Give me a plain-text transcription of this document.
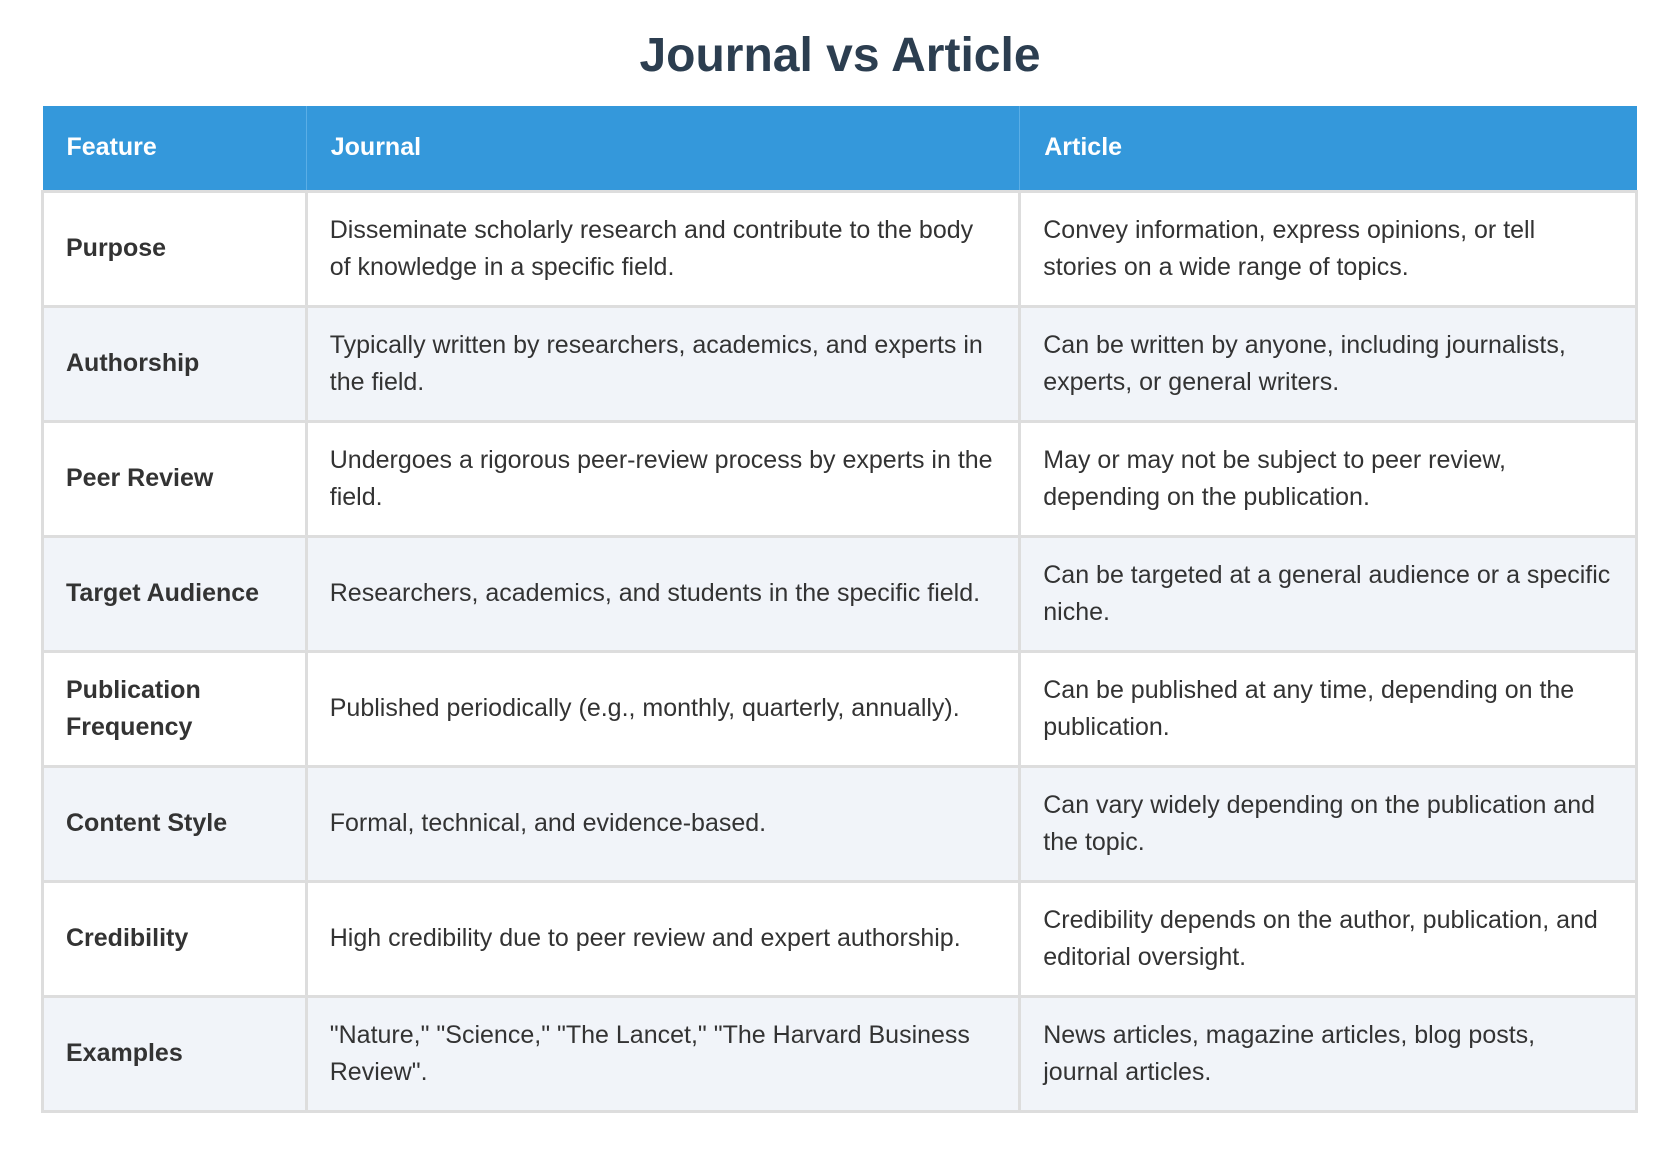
Journal vs Article
Feature	Journal	Article
Purpose	Disseminate scholarly research and contribute to the body of knowledge in a specific field.	Convey information, express opinions, or tell stories on a wide range of topics.
Authorship	Typically written by researchers, academics, and experts in the field.	Can be written by anyone, including journalists, experts, or general writers.
Peer Review	Undergoes a rigorous peer-review process by experts in the field.	May or may not be subject to peer review, depending on the publication.
Target Audience	Researchers, academics, and students in the specific field.	Can be targeted at a general audience or a specific niche.
Publication Frequency	Published periodically (e.g., monthly, quarterly, annually).	Can be published at any time, depending on the publication.
Content Style	Formal, technical, and evidence-based.	Can vary widely depending on the publication and the topic.
Credibility	High credibility due to peer review and expert authorship.	Credibility depends on the author, publication, and editorial oversight.
Examples	"Nature," "Science," "The Lancet," "The Harvard Business Review".	News articles, magazine articles, blog posts, journal articles.
